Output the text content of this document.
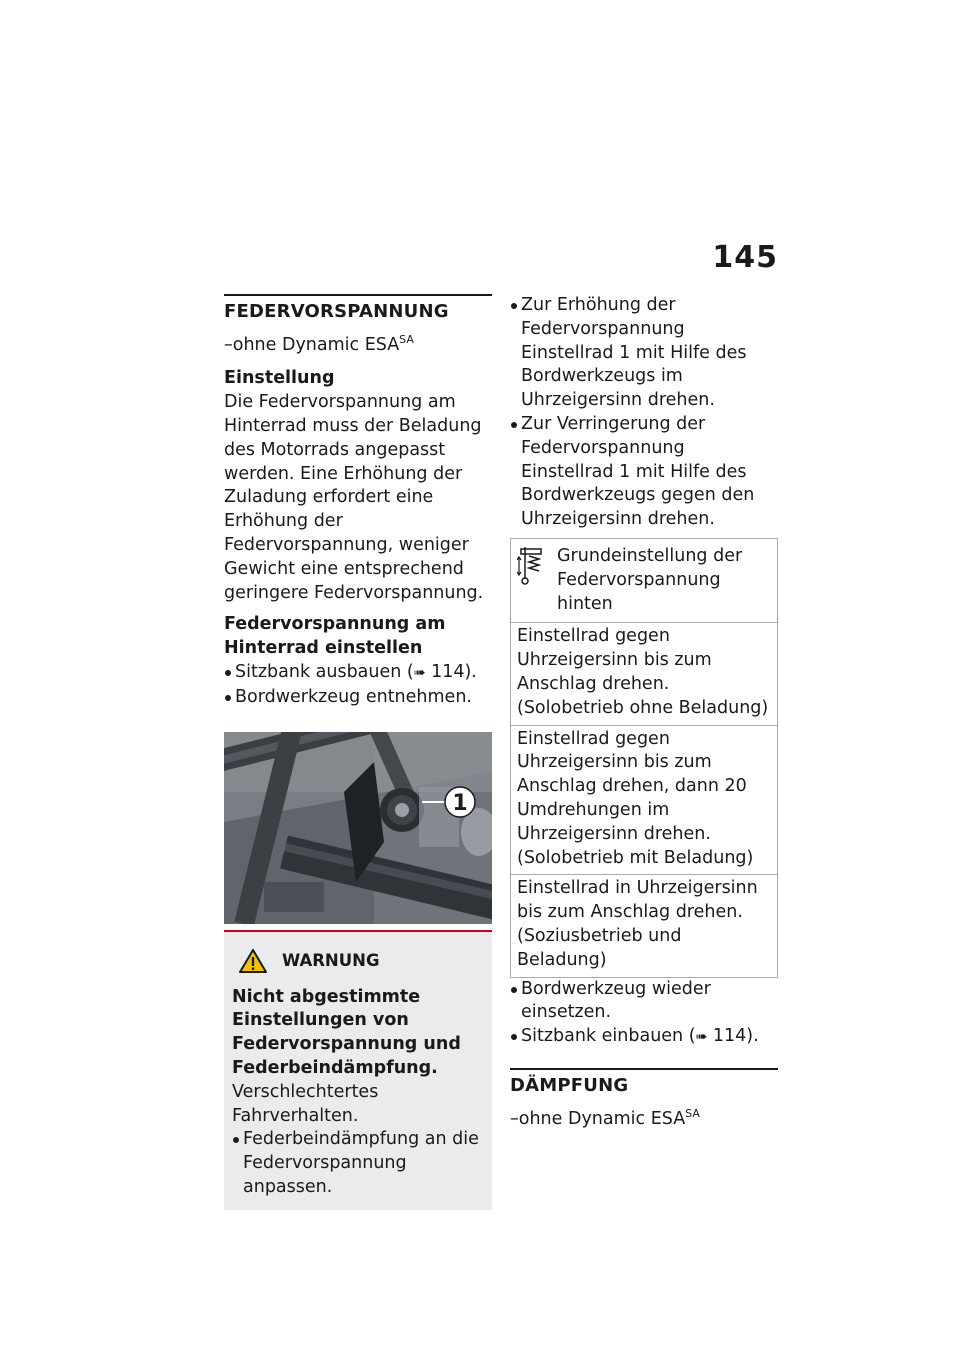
145
FEDERVORSPANNUNG
–ohne Dynamic $ESA^{SA}$
Einstellung

Die Federvorspannung am Hinterrad muss der Beladung des Motorrads angepasst werden. Eine Erhöhung der Zuladung erfordert eine Erhöhung der Federvorspannung, weniger Gewicht eine entsprechend geringere Federvorspannung.

Federvorspannung am Hinterrad einstellen
Sitzbank ausbauen (➠ 114).
Bordwerkzeug entnehmen.
1
WARNUNG

Nicht abgestimmte Einstellungen von Federvorspannung und Federbeindämpfung.

Verschlechtertes Fahrverhalten.

Federbeindämpfung an die Federvorspannung anpassen.
Zur Erhöhung der Federvorspannung Einstellrad 1 mit Hilfe des Bordwerkzeugs im Uhrzeigersinn drehen.
Zur Verringerung der Federvorspannung Einstellrad 1 mit Hilfe des Bordwerkzeugs gegen den Uhrzeigersinn drehen.
Grundeinstellung der Federvorspannung hinten

Einstellrad gegen Uhrzeigersinn bis zum Anschlag drehen. (Solobetrieb ohne Beladung)
Einstellrad gegen Uhrzeigersinn bis zum Anschlag drehen, dann 20 Umdrehungen im Uhrzeigersinn drehen. (Solobetrieb mit Beladung)
Einstellrad in Uhrzeigersinn bis zum Anschlag drehen. (Soziusbetrieb und Beladung)
Bordwerkzeug wieder einsetzen.
Sitzbank einbauen (➠ 114).
DÄMPFUNG
–ohne Dynamic $ESA^{SA}$
